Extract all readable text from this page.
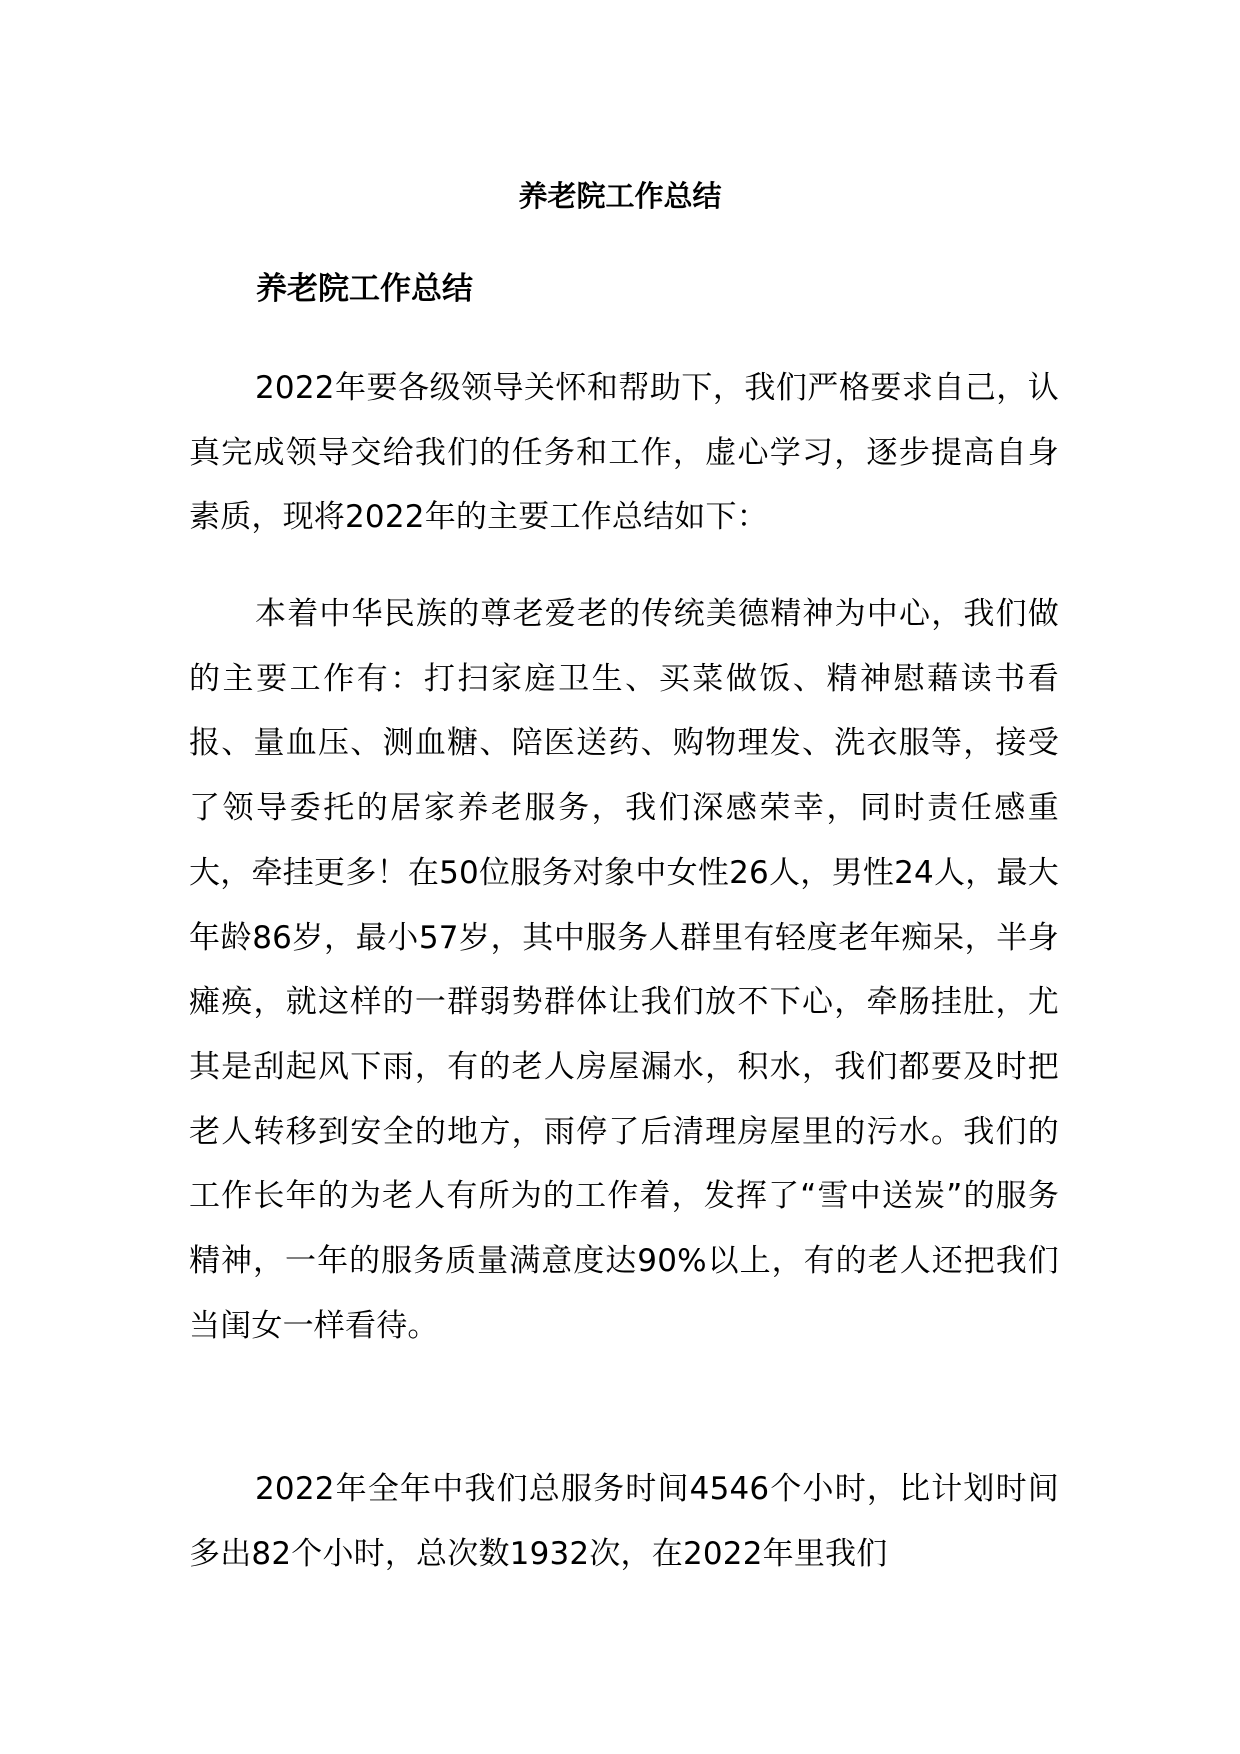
养老院工作总结
养老院工作总结

2022年要各级领导关怀和帮助下，我们严格要求自己，认真完成领导交给我们的任务和工作，虚心学习，逐步提高自身素质，现将2022年的主要工作总结如下：

本着中华民族的尊老爱老的传统美德精神为中心，我们做的主要工作有：打扫家庭卫生、买菜做饭、精神慰藉读书看报、量血压、测血糖、陪医送药、购物理发、洗衣服等，接受了领导委托的居家养老服务，我们深感荣幸，同时责任感重大，牵挂更多！在50位服务对象中女性26人，男性24人，最大年龄86岁，最小57岁，其中服务人群里有轻度老年痴呆，半身瘫痪，就这样的一群弱势群体让我们放不下心，牵肠挂肚，尤其是刮起风下雨，有的老人房屋漏水，积水，我们都要及时把老人转移到安全的地方，雨停了后清理房屋里的污水。我们的工作长年的为老人有所为的工作着，发挥了“雪中送炭”的服务精神，一年的服务质量满意度达90%以上，有的老人还把我们当闺女一样看待。

2022年全年中我们总服务时间4546个小时，比计划时间多出82个小时，总次数1932次，在2022年里我们
